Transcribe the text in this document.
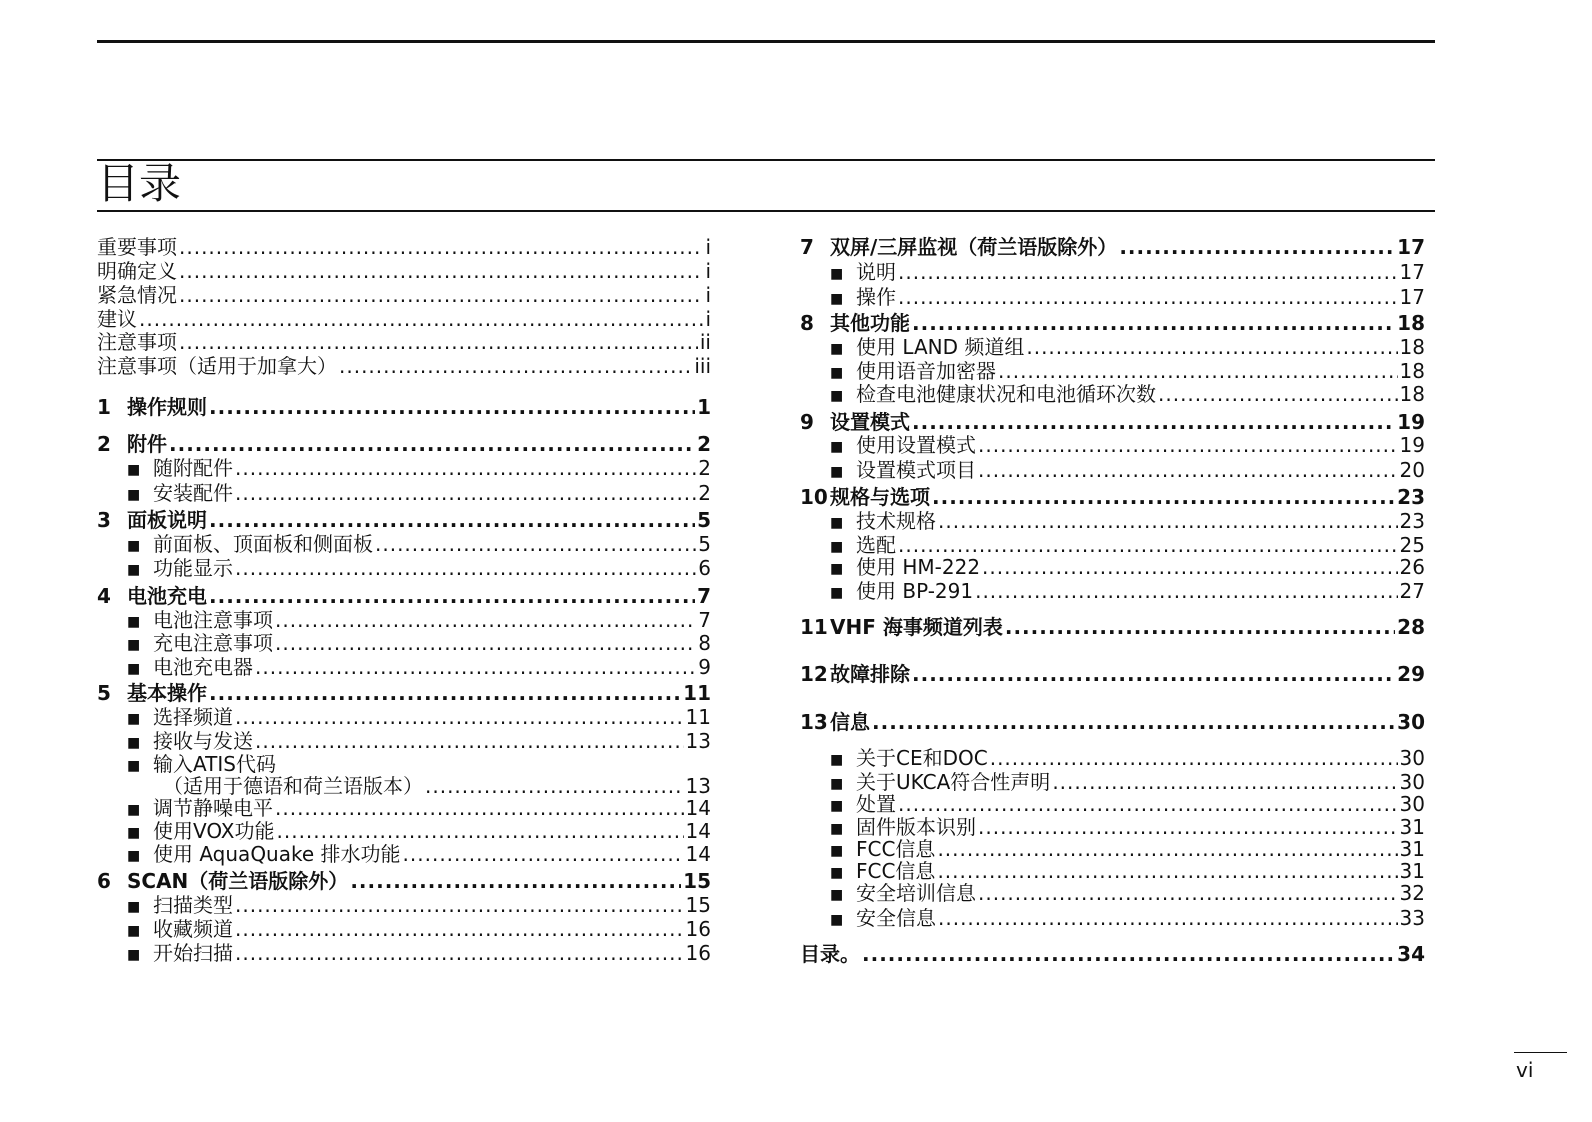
目录
重要事项 .....	i
明确定义 .....	i
紧急情况 .....	i
建议 .....	i
注意事项 .....	ii
注意事项（适用于加拿大） .....	iii
1 操作规则 .....	1
2 附件 .....	2
■ 随附配件 .....	2
■ 安装配件 .....	2
3 面板说明 .....	5
■ 前面板、顶面板和侧面板 .....	5
■ 功能显示 .....	6
4 电池充电 .....	7
■ 电池注意事项 .....	7
■ 充电注意事项 .....	8
■ 电池充电器 .....	9
5 基本操作 .....	11
■ 选择频道 .....	11
■ 接收与发送 .....	13
■ 输入ATIS代码
（适用于德语和荷兰语版本） .....	13
■ 调节静噪电平 .....	14
■ 使用VOX功能 .....	14
■ 使用 AquaQuake 排水功能 .....	14
6 SCAN（荷兰语版除外） .....	15
■ 扫描类型 .....	15
■ 收藏频道 .....	16
■ 开始扫描 .....	16
7 双屏/三屏监视（荷兰语版除外） .....	17
■ 说明 .....	17
■ 操作 .....	17
8 其他功能 .....	18
■ 使用 LAND 频道组 .....	18
■ 使用语音加密器 .....	18
■ 检查电池健康状况和电池循环次数 .....	18
9 设置模式 .....	19
■ 使用设置模式 .....	19
■ 设置模式项目 .....	20
10 规格与选项 .....	23
■ 技术规格 .....	23
■ 选配 .....	25
■ 使用 HM-222 .....	26
■ 使用 BP-291 .....	27
11 VHF 海事频道列表 .....	28
12 故障排除 .....	29
13 信息 .....	30
■ 关于CE和DOC .....	30
■ 关于UKCA符合性声明 .....	30
■ 处置 .....	30
■ 固件版本识别 .....	31
■ FCC信息 .....	31
■ FCC信息 .....	31
■ 安全培训信息 .....	32
■ 安全信息 .....	33
目录。 .....	34
vi
